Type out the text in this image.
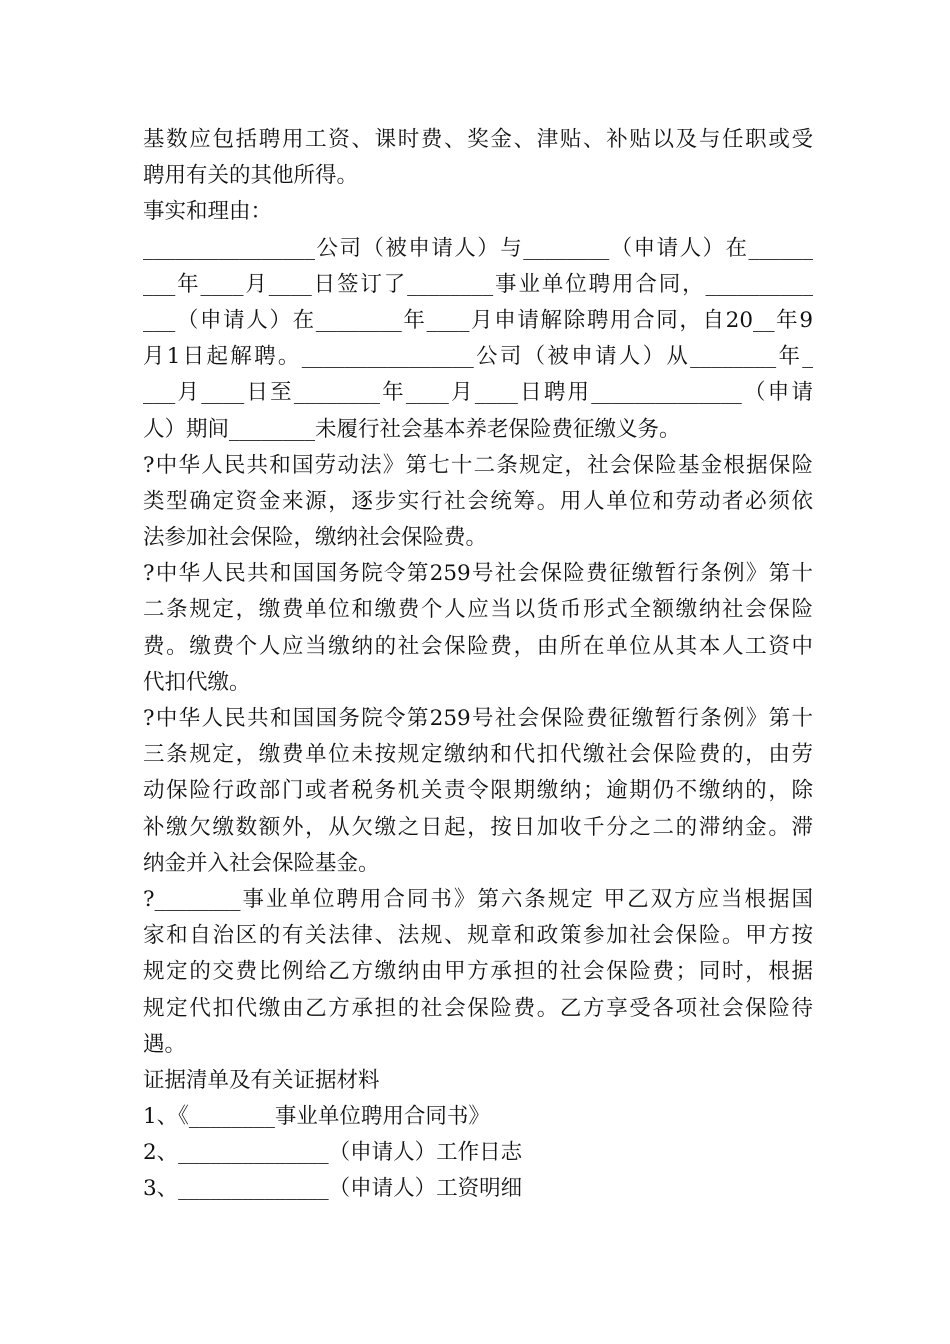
基数应包括聘用工资、课时费、奖金、津贴、补贴以及与任职或受
聘用有关的其他所得。
事实和理由：
________________公司（被申请人）与________（申请人）在______
___年____月____日签订了________事业单位聘用合同，__________
___（申请人）在________年____月申请解除聘用合同，自20__年9
月1日起解聘。________________公司（被申请人）从________年_
___月____日至________年____月____日聘用______________（申请
人）期间________未履行社会基本养老保险费征缴义务。
?中华人民共和国劳动法》第七十二条规定，社会保险基金根据保险
类型确定资金来源，逐步实行社会统筹。用人单位和劳动者必须依
法参加社会保险，缴纳社会保险费。
?中华人民共和国国务院令第259号社会保险费征缴暂行条例》第十
二条规定，缴费单位和缴费个人应当以货币形式全额缴纳社会保险
费。缴费个人应当缴纳的社会保险费，由所在单位从其本人工资中
代扣代缴。
?中华人民共和国国务院令第259号社会保险费征缴暂行条例》第十
三条规定，缴费单位未按规定缴纳和代扣代缴社会保险费的，由劳
动保险行政部门或者税务机关责令限期缴纳；逾期仍不缴纳的，除
补缴欠缴数额外，从欠缴之日起，按日加收千分之二的滞纳金。滞
纳金并入社会保险基金。
?________事业单位聘用合同书》第六条规定 甲乙双方应当根据国
家和自治区的有关法律、法规、规章和政策参加社会保险。甲方按
规定的交费比例给乙方缴纳由甲方承担的社会保险费；同时，根据
规定代扣代缴由乙方承担的社会保险费。乙方享受各项社会保险待
遇。
证据清单及有关证据材料
1、《________事业单位聘用合同书》
2、______________（申请人）工作日志
3、______________（申请人）工资明细
